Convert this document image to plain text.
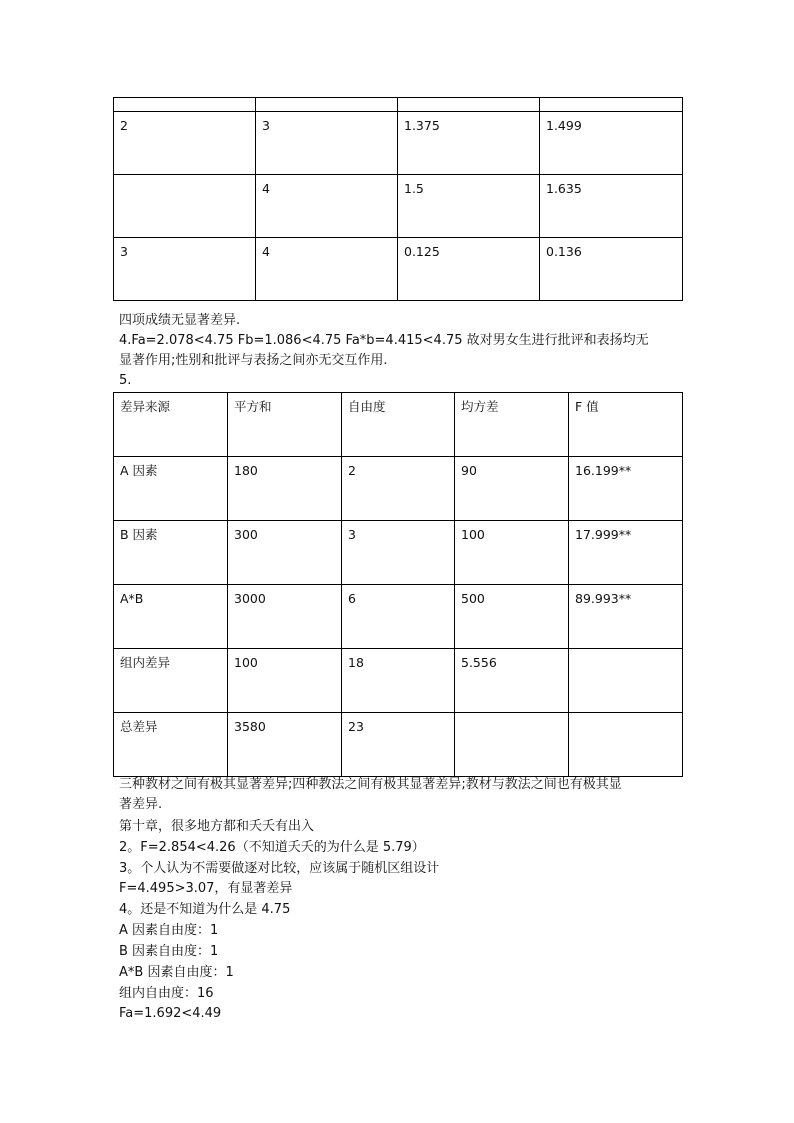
2	3	1.375	1.499
	4	1.5	1.635
3	4	0.125	0.136
四项成绩无显著差异.
4.Fa=2.078<4.75 Fb=1.086<4.75 Fa*b=4.415<4.75 故对男女生进行批评和表扬均无
显著作用;性别和批评与表扬之间亦无交互作用.
5.
差异来源	平方和	自由度	均方差	F 值
A 因素	180	2	90	16.199**
B 因素	300	3	100	17.999**
A*B	3000	6	500	89.993**
组内差异	100	18	5.556	
总差异	3580	23		
三种教材之间有极其显著差异;四种教法之间有极其显著差异;教材与教法之间也有极其显
著差异.
第十章，很多地方都和夭夭有出入
2。F=2.854<4.26（不知道夭夭的为什么是 5.79）
3。个人认为不需要做逐对比较，应该属于随机区组设计
F=4.495>3.07，有显著差异
4。还是不知道为什么是 4.75
A 因素自由度：1
B 因素自由度：1
A*B 因素自由度：1
组内自由度：16
Fa=1.692<4.49
